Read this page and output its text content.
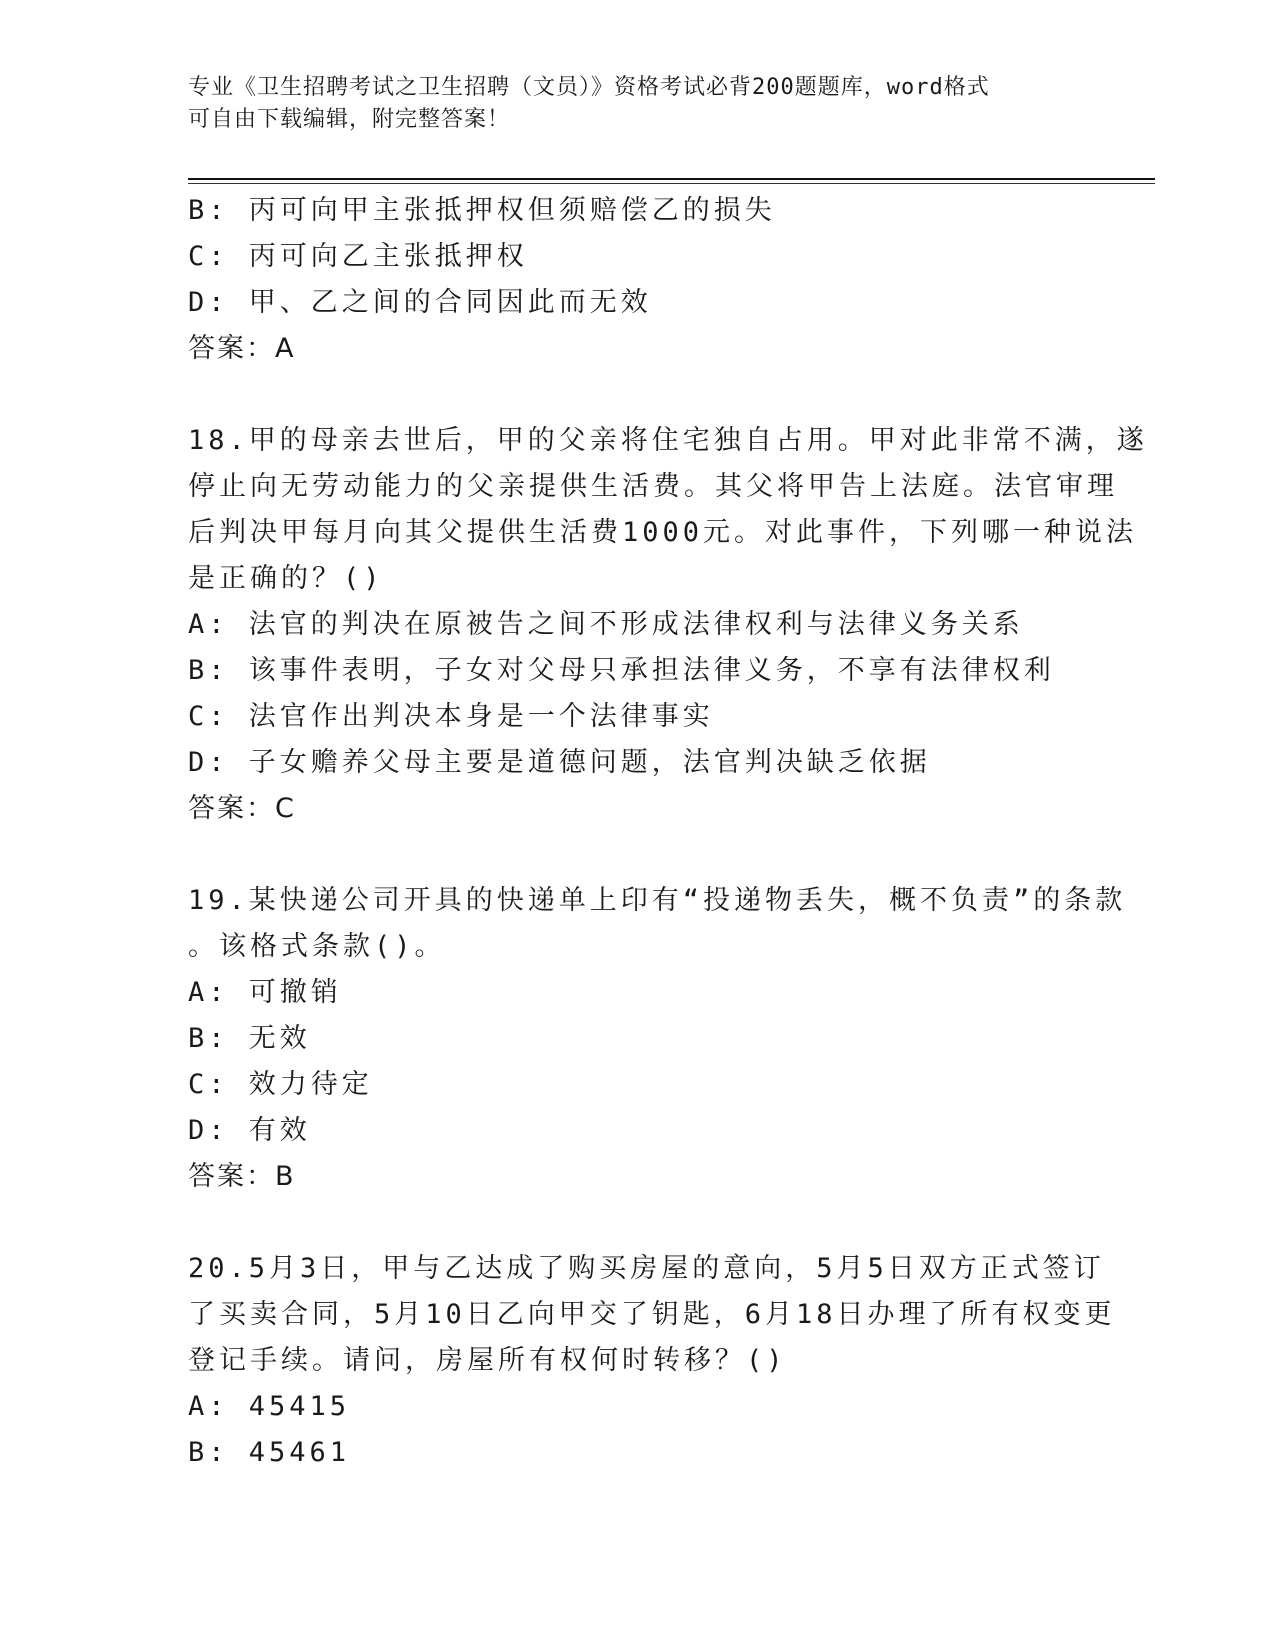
专业《卫生招聘考试之卫生招聘（文员）》资格考试必背200题题库，word格式
可自由下载编辑，附完整答案！
B: 丙可向甲主张抵押权但须赔偿乙的损失
C: 丙可向乙主张抵押权
D: 甲、乙之间的合同因此而无效
答案：A
18.甲的母亲去世后，甲的父亲将住宅独自占用。甲对此非常不满，遂
停止向无劳动能力的父亲提供生活费。其父将甲告上法庭。法官审理
后判决甲每月向其父提供生活费1000元。对此事件，下列哪一种说法
是正确的？()
A: 法官的判决在原被告之间不形成法律权利与法律义务关系
B: 该事件表明，子女对父母只承担法律义务，不享有法律权利
C: 法官作出判决本身是一个法律事实
D: 子女赡养父母主要是道德问题，法官判决缺乏依据
答案：C
19.某快递公司开具的快递单上印有“投递物丢失，概不负责”的条款
。该格式条款()。
A: 可撤销
B: 无效
C: 效力待定
D: 有效
答案：B
20.5月3日，甲与乙达成了购买房屋的意向，5月5日双方正式签订
了买卖合同，5月10日乙向甲交了钥匙，6月18日办理了所有权变更
登记手续。请问，房屋所有权何时转移？()
A: 45415
B: 45461
